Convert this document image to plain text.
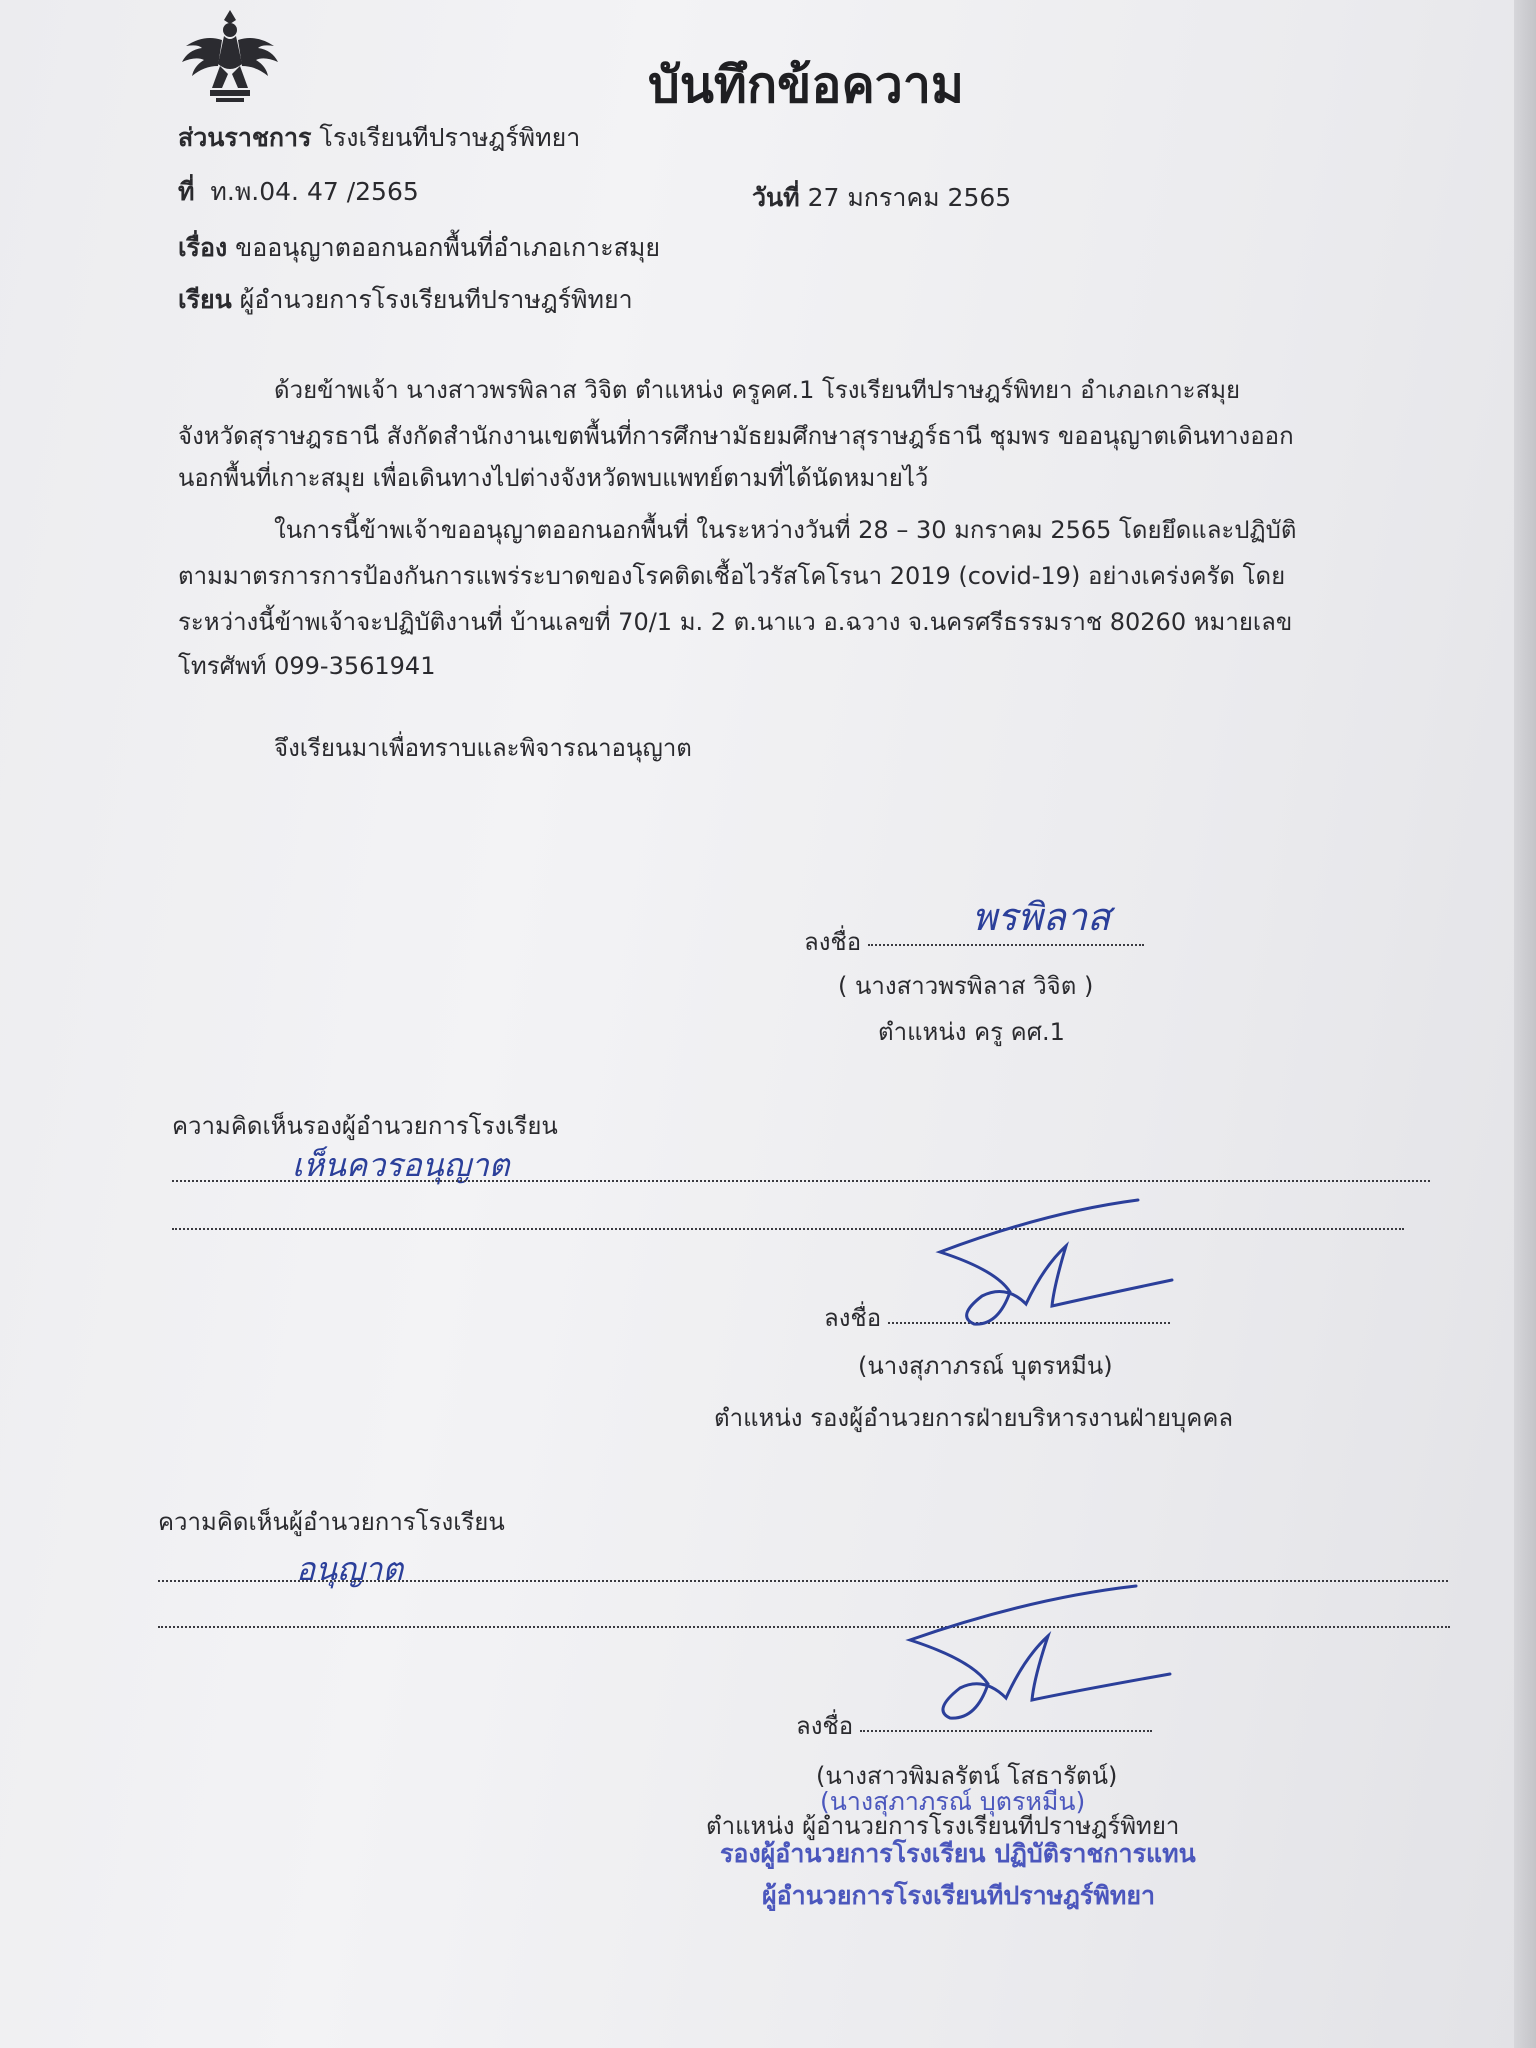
บันทึกข้อความ
ส่วนราชการ โรงเรียนทีปราษฎร์พิทยา
ที่ ท.พ.04. 47 /2565	วันที่ 27 มกราคม 2565
เรื่อง ขออนุญาตออกนอกพื้นที่อำเภอเกาะสมุย
เรียน ผู้อำนวยการโรงเรียนทีปราษฎร์พิทยา
ด้วยข้าพเจ้า นางสาวพรพิลาส วิจิต ตำแหน่ง ครูคศ.1 โรงเรียนทีปราษฎร์พิทยา อำเภอเกาะสมุย
จังหวัดสุราษฎรธานี สังกัดสำนักงานเขตพื้นที่การศึกษามัธยมศึกษาสุราษฎร์ธานี ชุมพร ขออนุญาตเดินทางออก
นอกพื้นที่เกาะสมุย เพื่อเดินทางไปต่างจังหวัดพบแพทย์ตามที่ได้นัดหมายไว้
ในการนี้ข้าพเจ้าขออนุญาตออกนอกพื้นที่ ในระหว่างวันที่ 28 – 30 มกราคม 2565 โดยยึดและปฏิบัติ
ตามมาตรการการป้องกันการแพร่ระบาดของโรคติดเชื้อไวรัสโคโรนา 2019 (covid-19) อย่างเคร่งครัด โดย
ระหว่างนี้ข้าพเจ้าจะปฏิบัติงานที่ บ้านเลขที่ 70/1 ม. 2 ต.นาแว อ.ฉวาง จ.นครศรีธรรมราช 80260 หมายเลข
โทรศัพท์ 099-3561941
จึงเรียนมาเพื่อทราบและพิจารณาอนุญาต
ลงชื่อ
พรพิลาส
( นางสาวพรพิลาส วิจิต )
ตำแหน่ง ครู คศ.1
ความคิดเห็นรองผู้อำนวยการโรงเรียน
เห็นควรอนุญาต
ลงชื่อ
(นางสุภาภรณ์ บุตรหมีน)
ตำแหน่ง รองผู้อำนวยการฝ่ายบริหารงานฝ่ายบุคคล
ความคิดเห็นผู้อำนวยการโรงเรียน
อนุญาต
ลงชื่อ
(นางสาวพิมลรัตน์ โสธารัตน์)
ตำแหน่ง ผู้อำนวยการโรงเรียนทีปราษฎร์พิทยา
(นางสุภาภรณ์ บุตรหมีน)
รองผู้อำนวยการโรงเรียน ปฏิบัติราชการแทน
ผู้อำนวยการโรงเรียนทีปราษฎร์พิทยา
